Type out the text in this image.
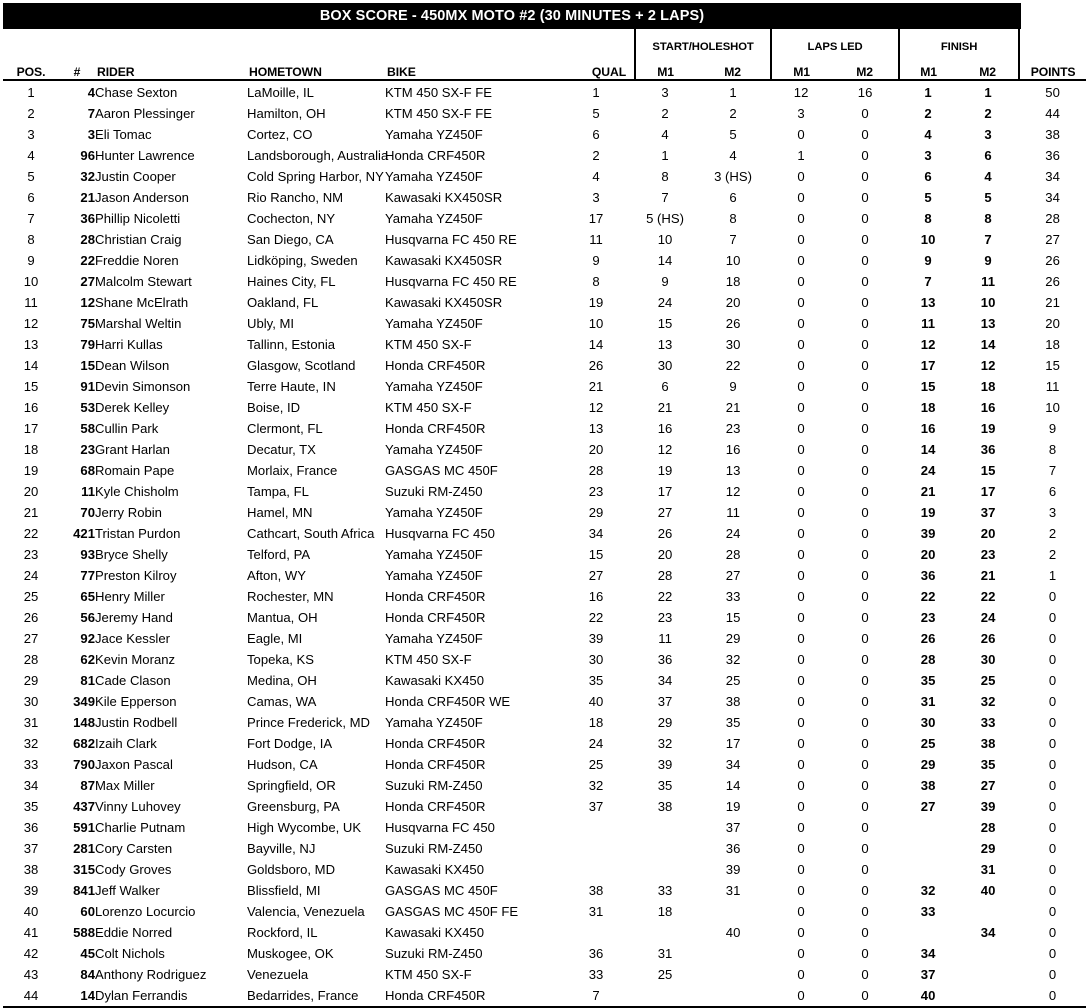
BOX SCORE - 450MX MOTO #2 (30 MINUTES + 2 LAPS)
						START/HOLESHOT		LAPS LED		FINISH		
POS.	#	RIDER	HOMETOWN	BIKE	QUAL	M1	M2	M1	M2	M1	M2	POINTS
1	4	Chase Sexton	LaMoille, IL	KTM 450 SX-F FE	1	3	1	12	16	1	1	50
2	7	Aaron Plessinger	Hamilton, OH	KTM 450 SX-F FE	5	2	2	3	0	2	2	44
3	3	Eli Tomac	Cortez, CO	Yamaha YZ450F	6	4	5	0	0	4	3	38
4	96	Hunter Lawrence	Landsborough, Australia	Honda CRF450R	2	1	4	1	0	3	6	36
5	32	Justin Cooper	Cold Spring Harbor, NY	Yamaha YZ450F	4	8	3 (HS)	0	0	6	4	34
6	21	Jason Anderson	Rio Rancho, NM	Kawasaki KX450SR	3	7	6	0	0	5	5	34
7	36	Phillip Nicoletti	Cochecton, NY	Yamaha YZ450F	17	5 (HS)	8	0	0	8	8	28
8	28	Christian Craig	San Diego, CA	Husqvarna FC 450 RE	11	10	7	0	0	10	7	27
9	22	Freddie Noren	Lidköping, Sweden	Kawasaki KX450SR	9	14	10	0	0	9	9	26
10	27	Malcolm Stewart	Haines City, FL	Husqvarna FC 450 RE	8	9	18	0	0	7	11	26
11	12	Shane McElrath	Oakland, FL	Kawasaki KX450SR	19	24	20	0	0	13	10	21
12	75	Marshal Weltin	Ubly, MI	Yamaha YZ450F	10	15	26	0	0	11	13	20
13	79	Harri Kullas	Tallinn, Estonia	KTM 450 SX-F	14	13	30	0	0	12	14	18
14	15	Dean Wilson	Glasgow, Scotland	Honda CRF450R	26	30	22	0	0	17	12	15
15	91	Devin Simonson	Terre Haute, IN	Yamaha YZ450F	21	6	9	0	0	15	18	11
16	53	Derek Kelley	Boise, ID	KTM 450 SX-F	12	21	21	0	0	18	16	10
17	58	Cullin Park	Clermont, FL	Honda CRF450R	13	16	23	0	0	16	19	9
18	23	Grant Harlan	Decatur, TX	Yamaha YZ450F	20	12	16	0	0	14	36	8
19	68	Romain Pape	Morlaix, France	GASGAS MC 450F	28	19	13	0	0	24	15	7
20	11	Kyle Chisholm	Tampa, FL	Suzuki RM-Z450	23	17	12	0	0	21	17	6
21	70	Jerry Robin	Hamel, MN	Yamaha YZ450F	29	27	11	0	0	19	37	3
22	421	Tristan Purdon	Cathcart, South Africa	Husqvarna FC 450	34	26	24	0	0	39	20	2
23	93	Bryce Shelly	Telford, PA	Yamaha YZ450F	15	20	28	0	0	20	23	2
24	77	Preston Kilroy	Afton, WY	Yamaha YZ450F	27	28	27	0	0	36	21	1
25	65	Henry Miller	Rochester, MN	Honda CRF450R	16	22	33	0	0	22	22	0
26	56	Jeremy Hand	Mantua, OH	Honda CRF450R	22	23	15	0	0	23	24	0
27	92	Jace Kessler	Eagle, MI	Yamaha YZ450F	39	11	29	0	0	26	26	0
28	62	Kevin Moranz	Topeka, KS	KTM 450 SX-F	30	36	32	0	0	28	30	0
29	81	Cade Clason	Medina, OH	Kawasaki KX450	35	34	25	0	0	35	25	0
30	349	Kile Epperson	Camas, WA	Honda CRF450R WE	40	37	38	0	0	31	32	0
31	148	Justin Rodbell	Prince Frederick, MD	Yamaha YZ450F	18	29	35	0	0	30	33	0
32	682	Izaih Clark	Fort Dodge, IA	Honda CRF450R	24	32	17	0	0	25	38	0
33	790	Jaxon Pascal	Hudson, CA	Honda CRF450R	25	39	34	0	0	29	35	0
34	87	Max Miller	Springfield, OR	Suzuki RM-Z450	32	35	14	0	0	38	27	0
35	437	Vinny Luhovey	Greensburg, PA	Honda CRF450R	37	38	19	0	0	27	39	0
36	591	Charlie Putnam	High Wycombe, UK	Husqvarna FC 450			37	0	0		28	0
37	281	Cory Carsten	Bayville, NJ	Suzuki RM-Z450			36	0	0		29	0
38	315	Cody Groves	Goldsboro, MD	Kawasaki KX450			39	0	0		31	0
39	841	Jeff Walker	Blissfield, MI	GASGAS MC 450F	38	33	31	0	0	32	40	0
40	60	Lorenzo Locurcio	Valencia, Venezuela	GASGAS MC 450F FE	31	18		0	0	33		0
41	588	Eddie Norred	Rockford, IL	Kawasaki KX450			40	0	0		34	0
42	45	Colt Nichols	Muskogee, OK	Suzuki RM-Z450	36	31		0	0	34		0
43	84	Anthony Rodriguez	Venezuela	KTM 450 SX-F	33	25		0	0	37		0
44	14	Dylan Ferrandis	Bedarrides, France	Honda CRF450R	7			0	0	40		0
